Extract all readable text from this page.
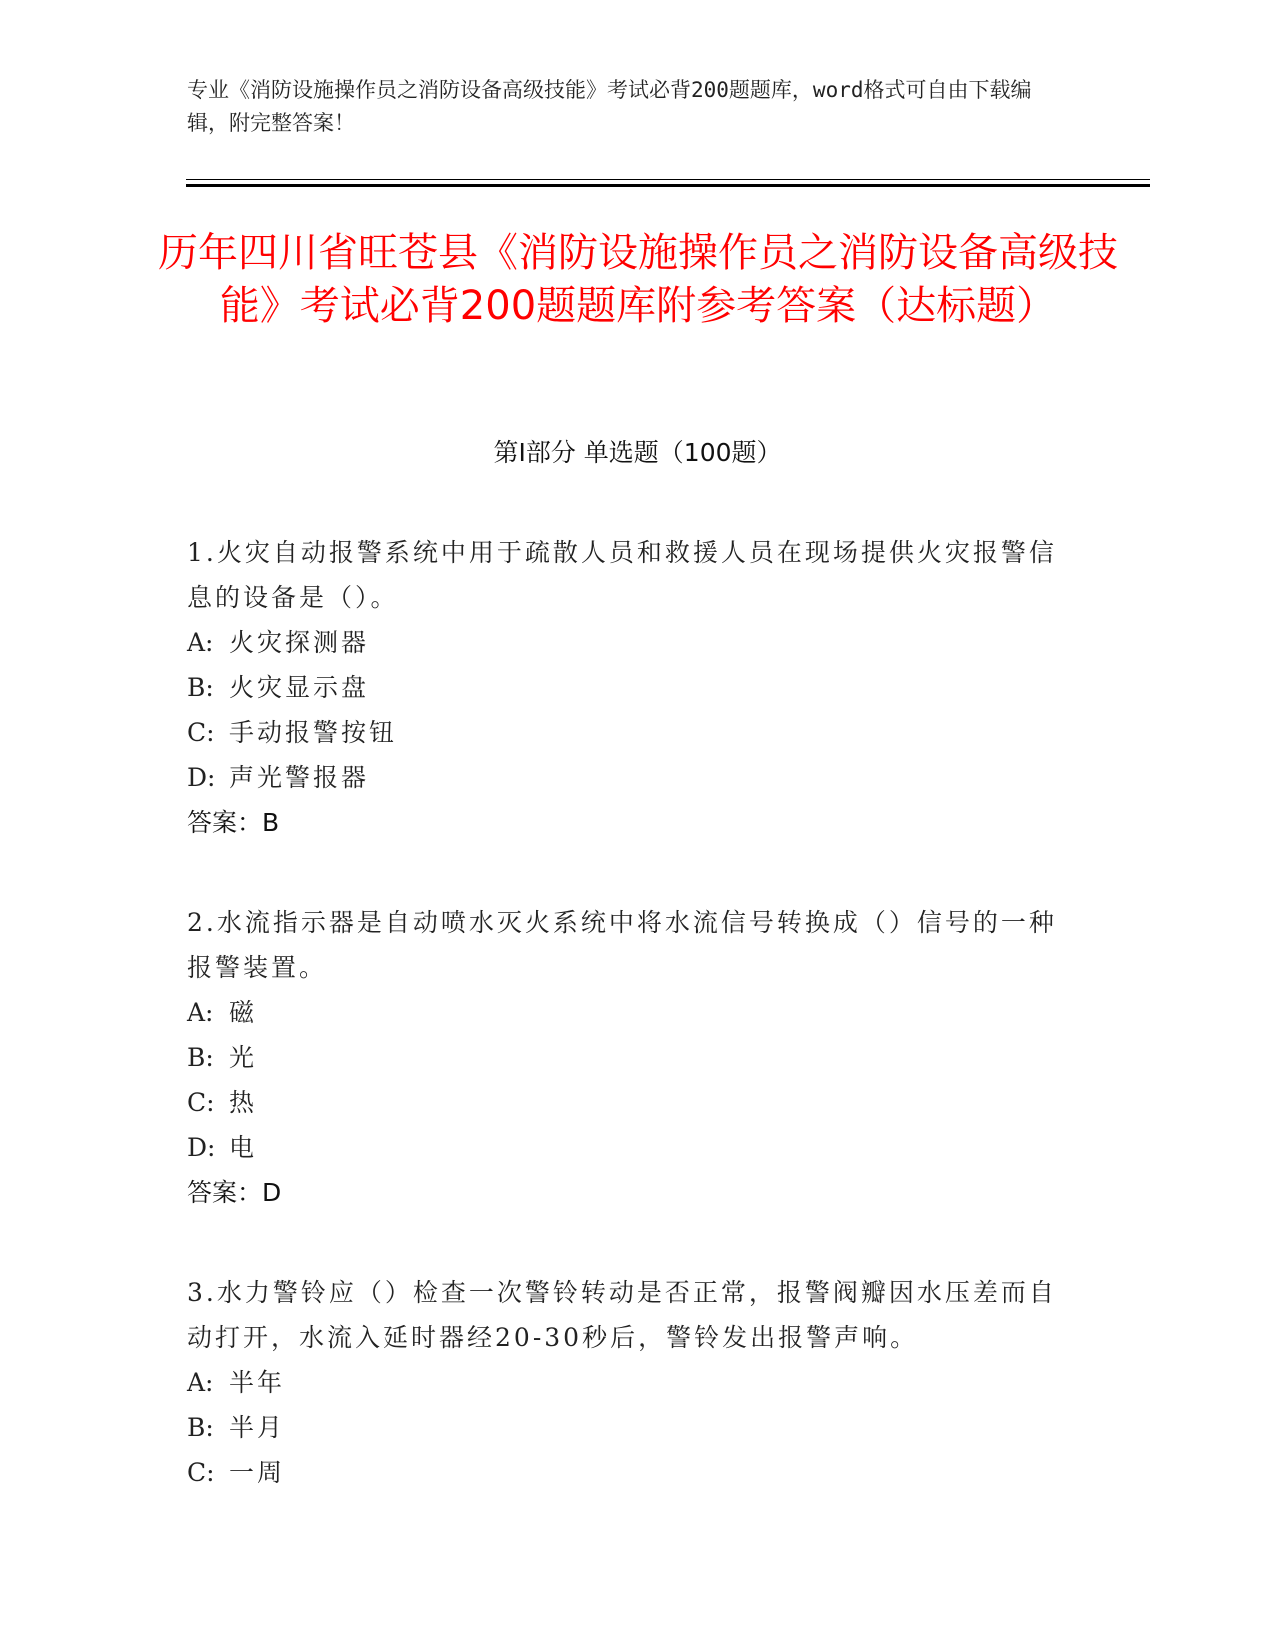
专业《消防设施操作员之消防设备高级技能》考试必背200题题库，word格式可自由下载编辑，附完整答案！
历年四川省旺苍县《消防设施操作员之消防设备高级技能》考试必背200题题库附参考答案（达标题）
第Ⅰ部分 单选题（100题）

1.火灾自动报警系统中用于疏散人员和救援人员在现场提供火灾报警信息的设备是（）。

A: 火灾探测器

B: 火灾显示盘

C: 手动报警按钮

D: 声光警报器

答案：B

2.水流指示器是自动喷水灭火系统中将水流信号转换成（）信号的一种报警装置。

A: 磁

B: 光

C: 热

D: 电

答案：D

3.水力警铃应（）检查一次警铃转动是否正常，报警阀瓣因水压差而自动打开，水流入延时器经20-30秒后，警铃发出报警声响。

A: 半年

B: 半月

C: 一周
